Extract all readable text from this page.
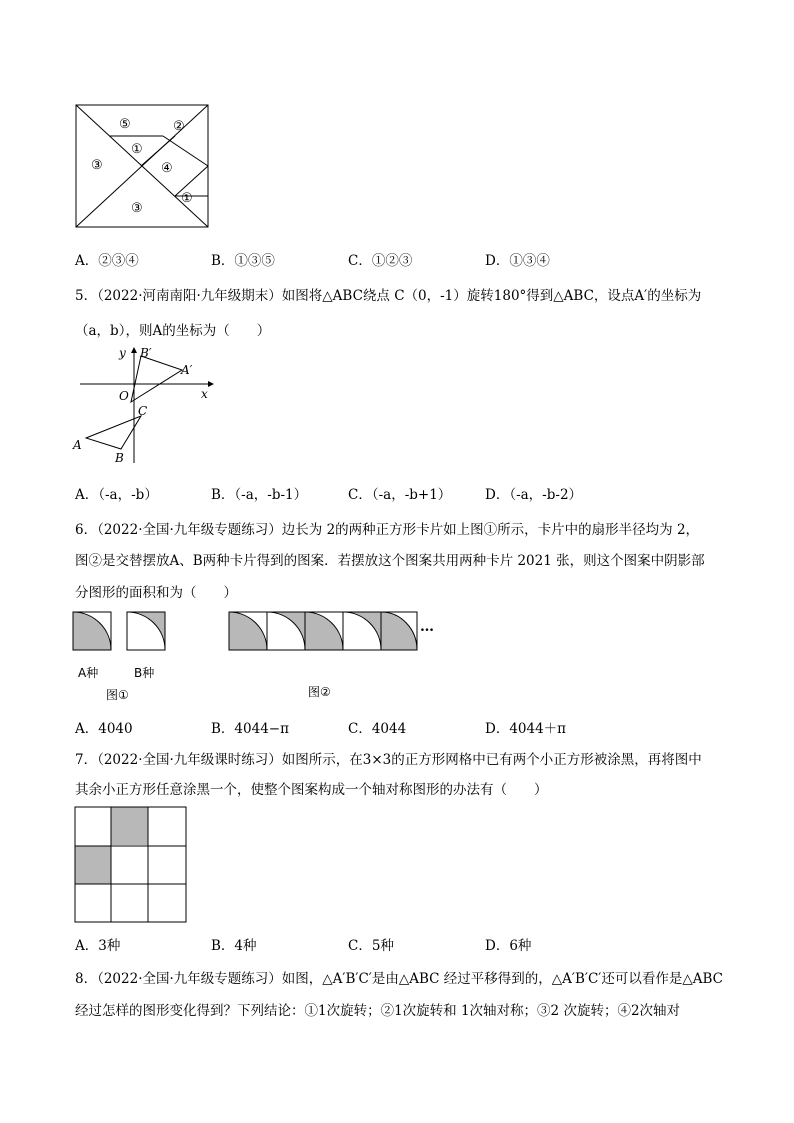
⑤	②
③
①
④
①
③
A．②③④	B．①③⑤	C．①②③	D．①③④
5．（2022·河南南阳·九年级期末）如图将△ABC绕点 C（0，-1）旋转180°得到△ABC，设点A′的坐标为
（a，b），则A的坐标为（　　）
y B′
A′
x
O
C
A
B
A．（-a，-b）	B．（-a，-b-1）	C．（-a，-b+1） D．（-a，-b-2）
6．（2022·全国·九年级专题练习）边长为 2的两种正方形卡片如上图①所示，卡片中的扇形半径均为 2，
图②是交替摆放A、B两种卡片得到的图案．若摆放这个图案共用两种卡片 2021 张，则这个图案中阴影部
分图形的面积和为（　　）
A种	B种
图①
…
图②
A．4040	B．4044−π	C．4044	D．4044＋π
7．（2022·全国·九年级课时练习）如图所示，在3×3的正方形网格中已有两个小正方形被涂黑，再将图中
其余小正方形任意涂黑一个，使整个图案构成一个轴对称图形的办法有（　　）
A．3种	B．4种	C．5种	D．6种
8．（2022·全国·九年级专题练习）如图，△A′B′C′是由△ABC 经过平移得到的，△A′B′C′还可以看作是△ABC
经过怎样的图形变化得到？下列结论：①1次旋转；②1次旋转和 1次轴对称；③2 次旋转；④2次轴对
